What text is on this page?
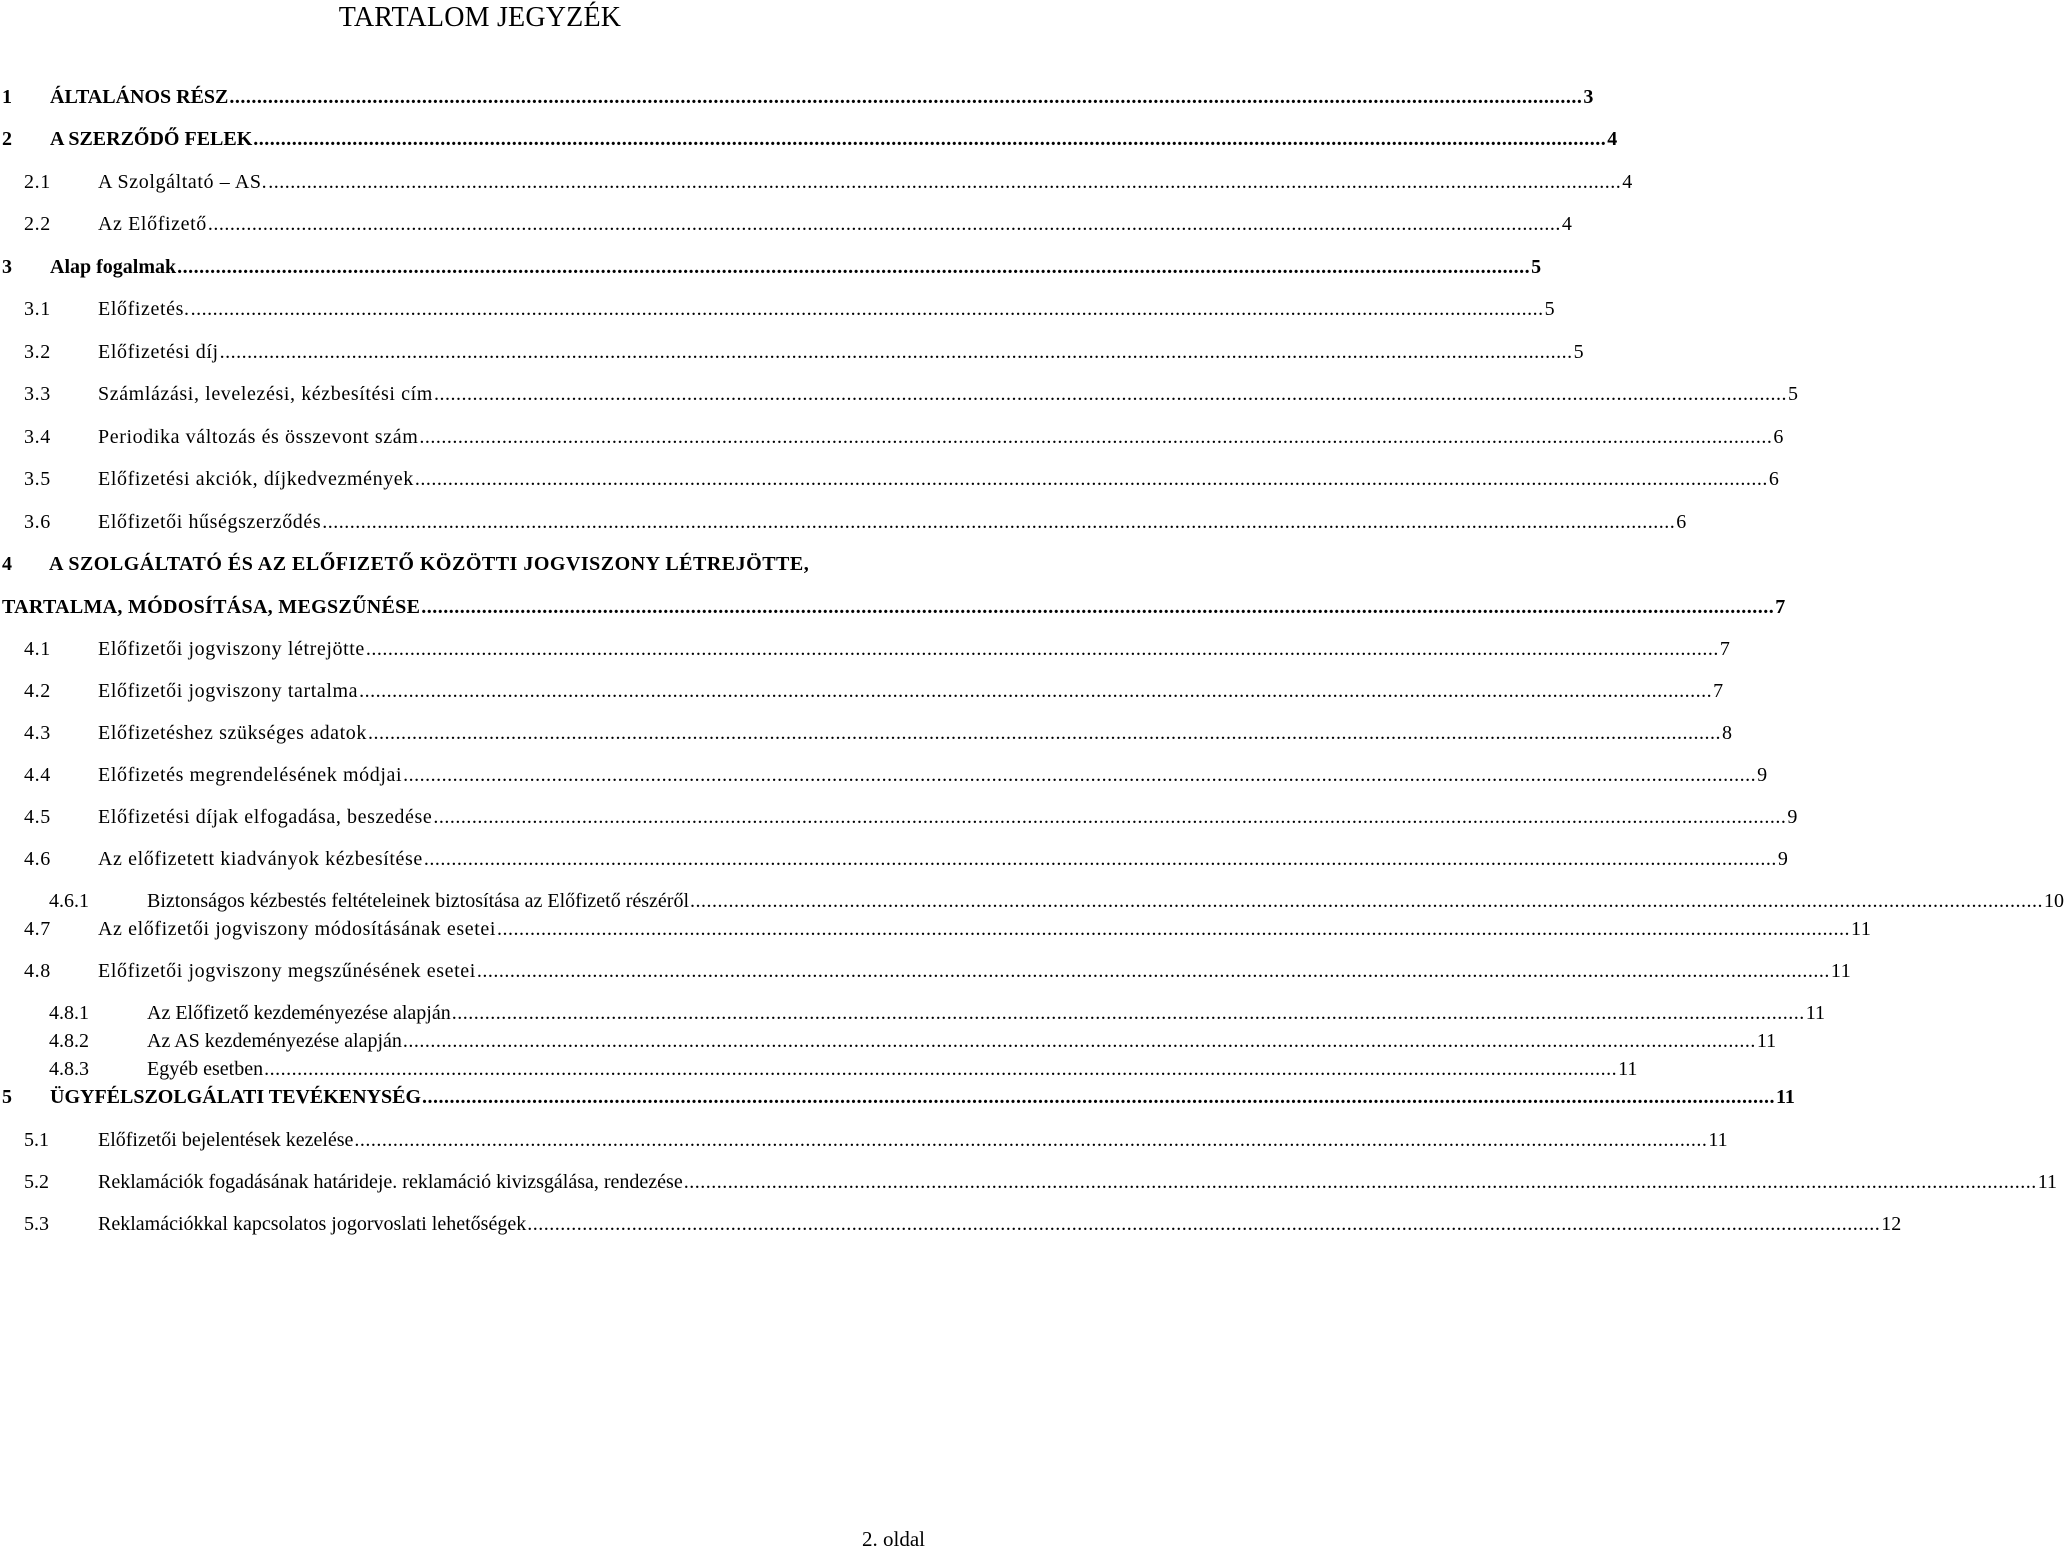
TARTALOM JEGYZÉK
1	ÁLTALÁNOS RÉSZ .....	3
2	A SZERZŐDŐ FELEK .....	4
2.1	A Szolgáltató – AS. .....	4
2.2	Az Előfizető .....	4
3	Alap fogalmak .....	5
3.1	Előfizetés. .....	5
3.2	Előfizetési díj .....	5
3.3	Számlázási, levelezési, kézbesítési cím .....	5
3.4	Periodika változás és összevont szám .....	6
3.5	Előfizetési akciók, díjkedvezmények .....	6
3.6	Előfizetői hűségszerződés .....	6
4	A SZOLGÁLTATÓ ÉS AZ ELŐFIZETŐ KÖZÖTTI JOGVISZONY LÉTREJÖTTE,
TARTALMA, MÓDOSÍTÁSA, MEGSZŰNÉSE .....	7
4.1	Előfizetői jogviszony létrejötte .....	7
4.2	Előfizetői jogviszony tartalma .....	7
4.3	Előfizetéshez szükséges adatok .....	8
4.4	Előfizetés megrendelésének módjai .....	9
4.5	Előfizetési díjak elfogadása, beszedése .....	9
4.6	Az előfizetett kiadványok kézbesítése .....	9
4.6.1	Biztonságos kézbestés feltételeinek biztosítása az Előfizető részéről .....	10
4.7	Az előfizetői jogviszony módosításának esetei .....	11
4.8	Előfizetői jogviszony megszűnésének esetei .....	11
4.8.1	Az Előfizető kezdeményezése alapján .....	11
4.8.2	Az AS kezdeményezése alapján .....	11
4.8.3	Egyéb esetben .....	11
5	ÜGYFÉLSZOLGÁLATI TEVÉKENYSÉG .....	11
5.1	Előfizetői bejelentések kezelése .....	11
5.2	Reklamációk fogadásának határideje. reklamáció kivizsgálása, rendezése .....	11
5.3	Reklamációkkal kapcsolatos jogorvoslati lehetőségek .....	12
2. oldal
